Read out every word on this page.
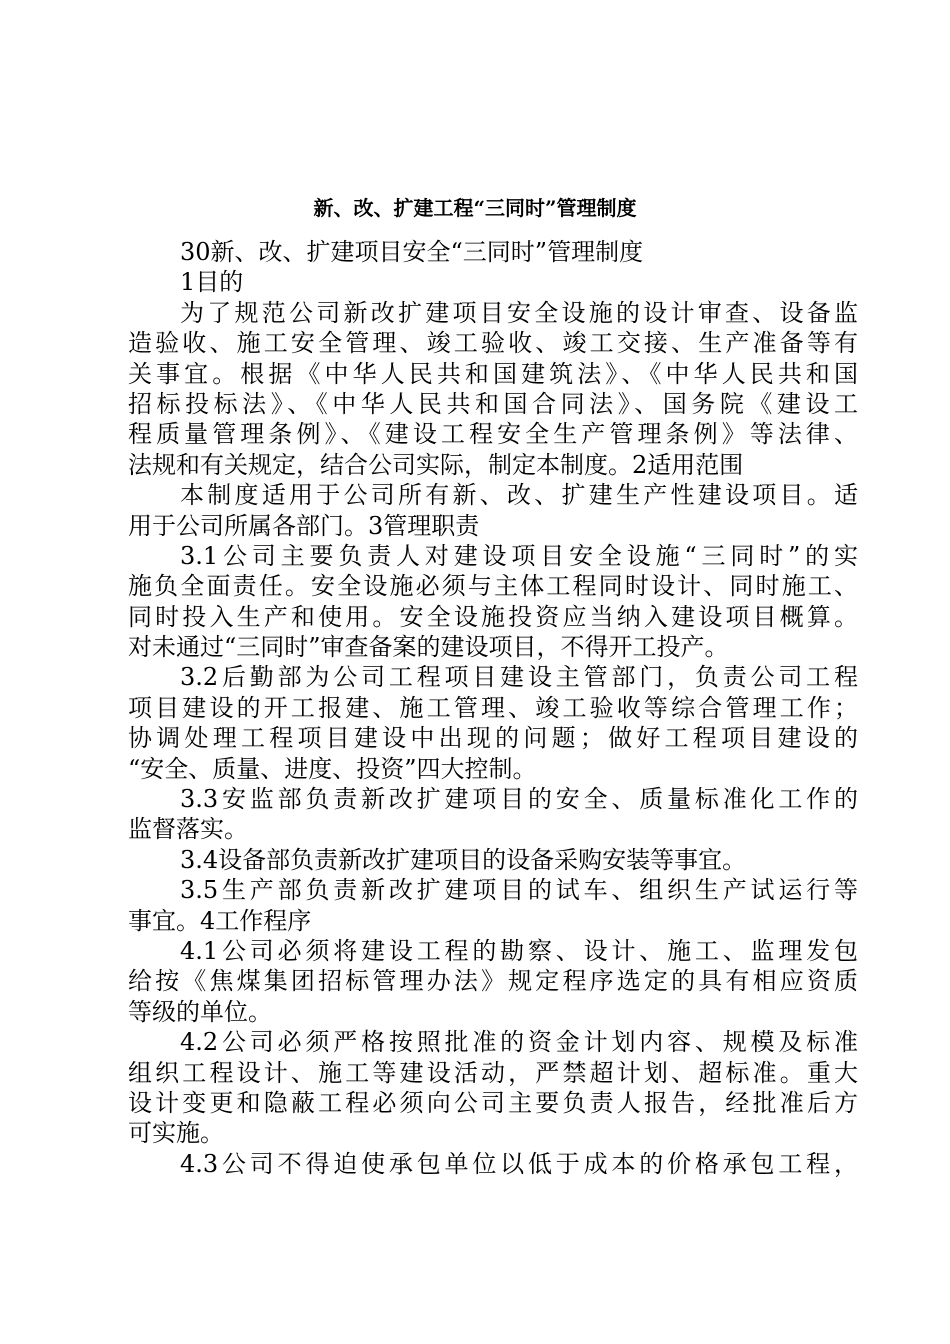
新、改、扩建工程“三同时”管理制度
30新、改、扩建项目安全“三同时”管理制度
1目的
为了规范公司新改扩建项目安全设施的设计审查、设备监
造验收、施工安全管理、竣工验收、竣工交接、生产准备等有
关事宜。根据《中华人民共和国建筑法》、《中华人民共和国
招标投标法》、《中华人民共和国合同法》、国务院《建设工
程质量管理条例》、《建设工程安全生产管理条例》等法律、
法规和有关规定，结合公司实际，制定本制度。2适用范围
本制度适用于公司所有新、改、扩建生产性建设项目。适
用于公司所属各部门。3管理职责
3.1公司主要负责人对建设项目安全设施“三同时”的实
施负全面责任。安全设施必须与主体工程同时设计、同时施工、
同时投入生产和使用。安全设施投资应当纳入建设项目概算。
对未通过“三同时”审查备案的建设项目，不得开工投产。
3.2后勤部为公司工程项目建设主管部门，负责公司工程
项目建设的开工报建、施工管理、竣工验收等综合管理工作；
协调处理工程项目建设中出现的问题；做好工程项目建设的
“安全、质量、进度、投资”四大控制。
3.3安监部负责新改扩建项目的安全、质量标准化工作的
监督落实。
3.4设备部负责新改扩建项目的设备采购安装等事宜。
3.5生产部负责新改扩建项目的试车、组织生产试运行等
事宜。4工作程序
4.1公司必须将建设工程的勘察、设计、施工、监理发包
给按《焦煤集团招标管理办法》规定程序选定的具有相应资质
等级的单位。
4.2公司必须严格按照批准的资金计划内容、规模及标准
组织工程设计、施工等建设活动，严禁超计划、超标准。重大
设计变更和隐蔽工程必须向公司主要负责人报告，经批准后方
可实施。
4.3公司不得迫使承包单位以低于成本的价格承包工程，
